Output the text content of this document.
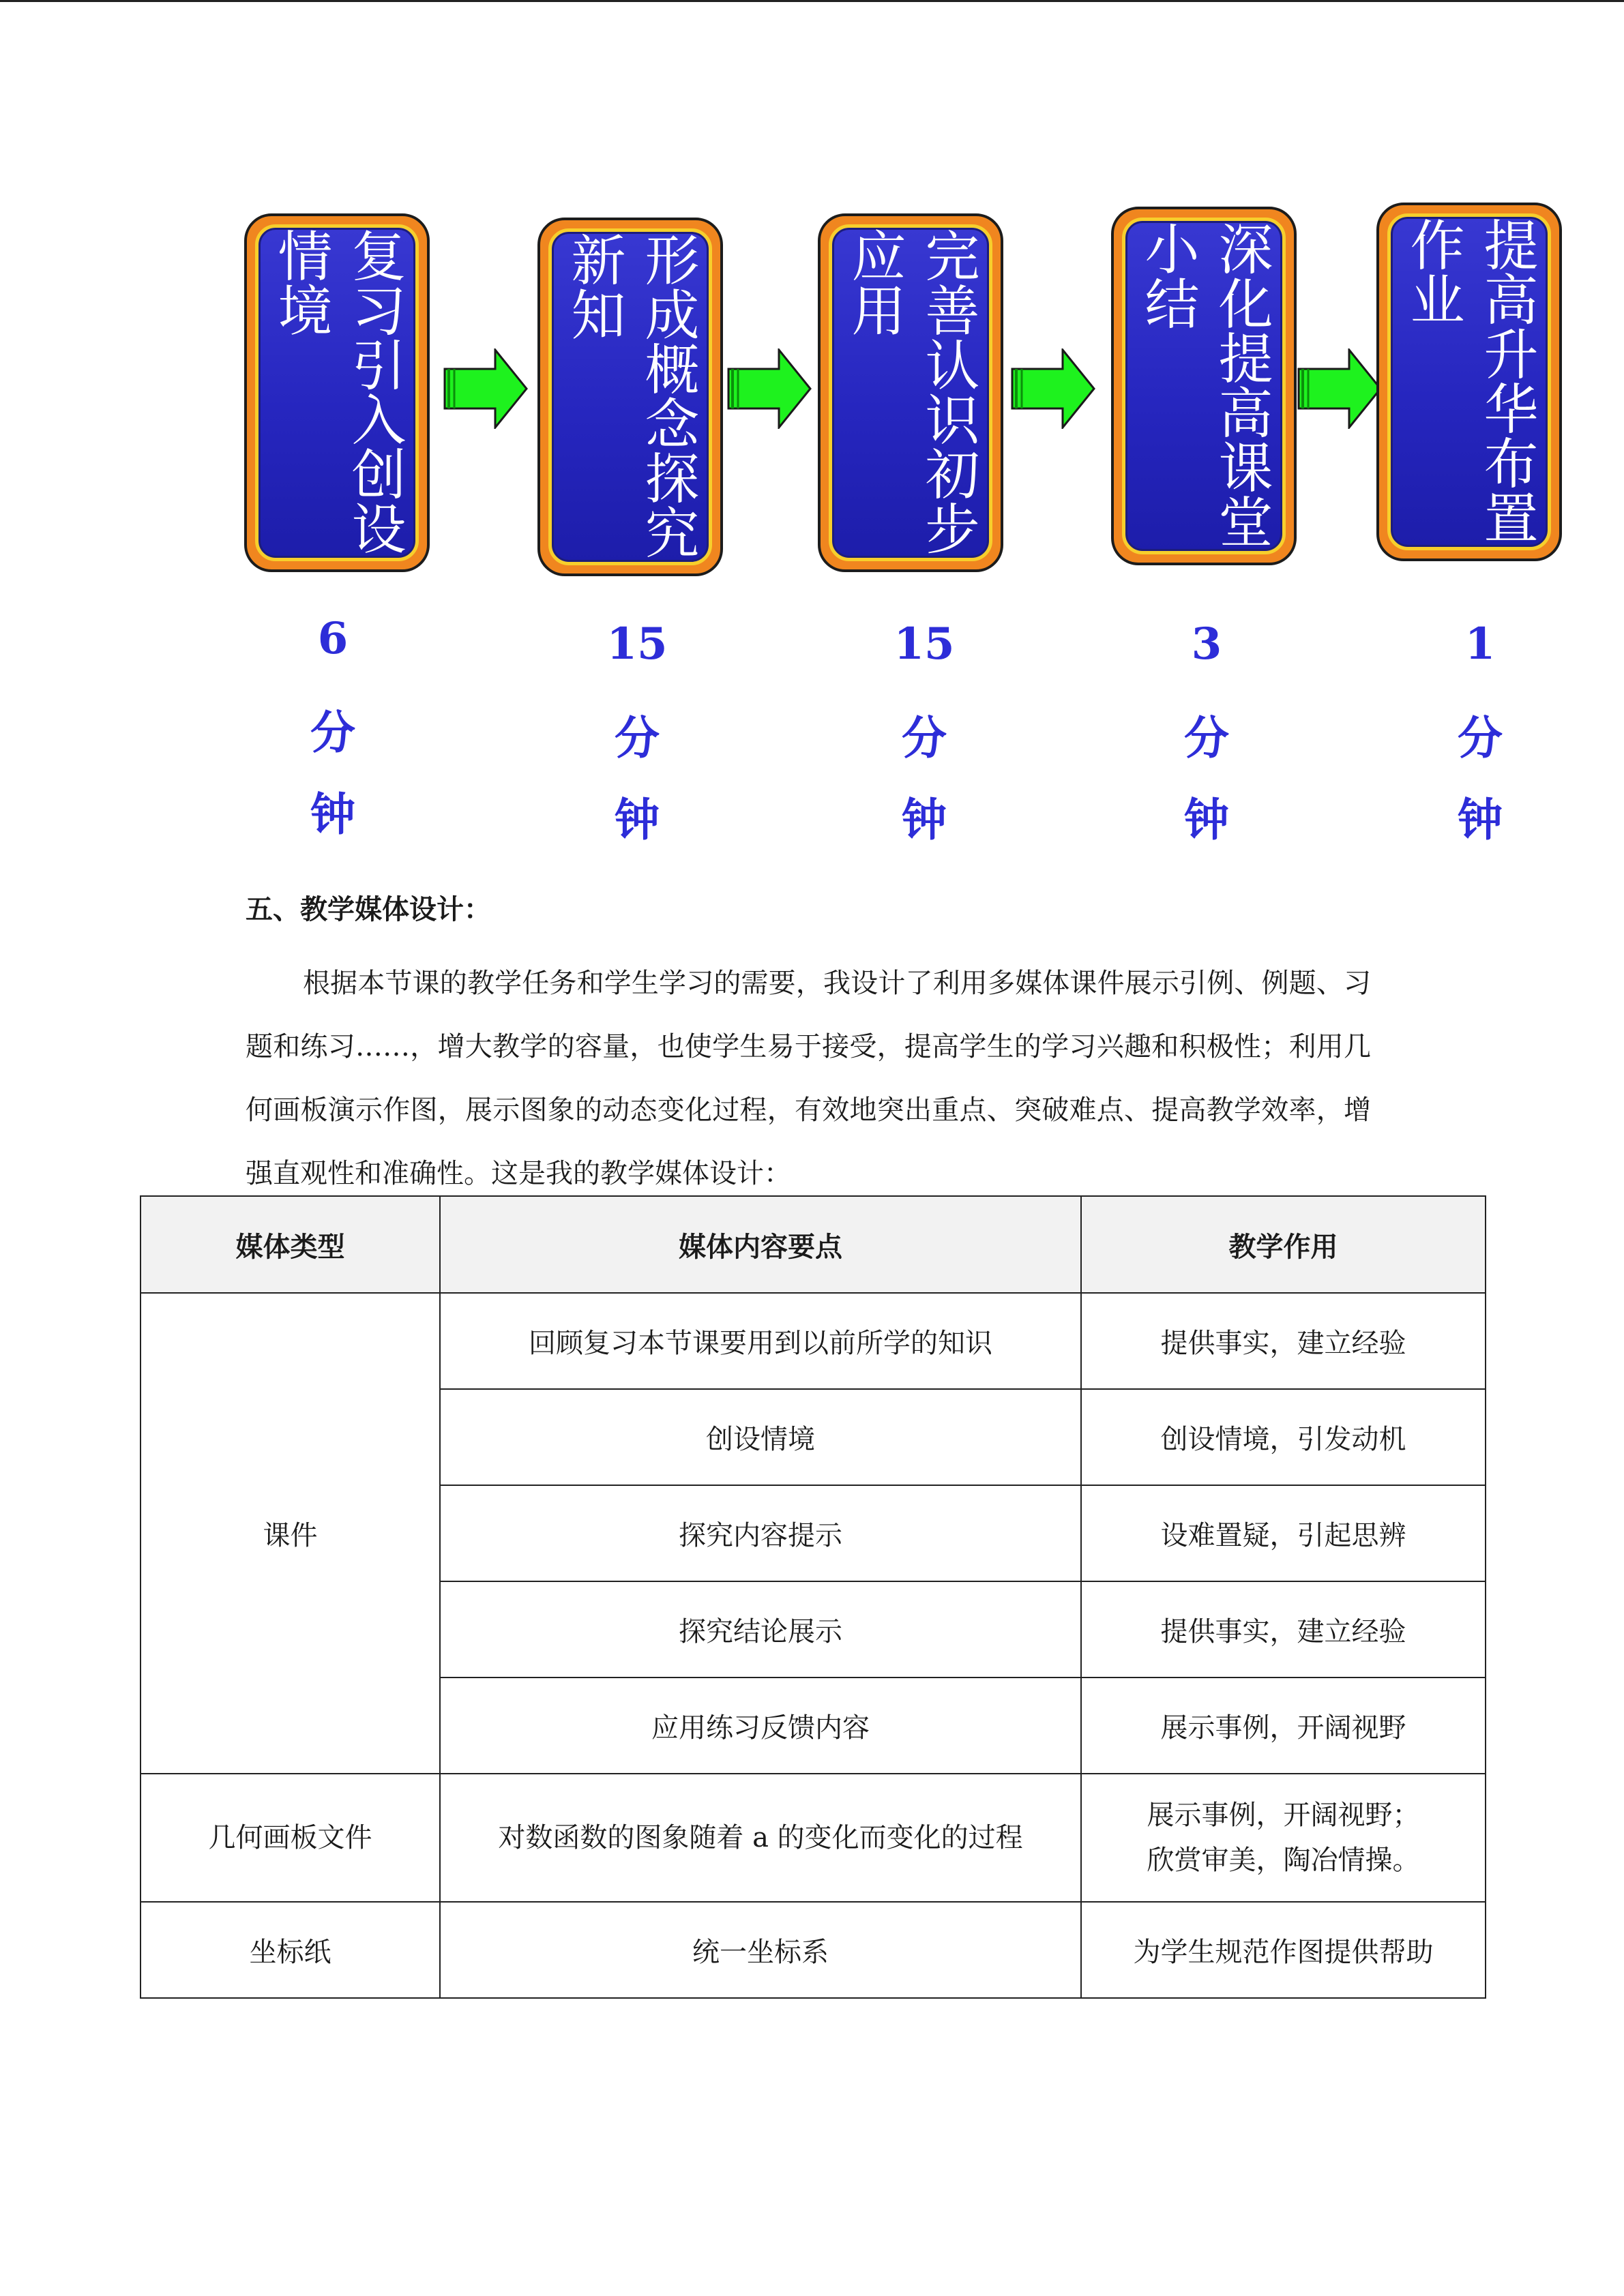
复习引入创设情境	形成概念探究新知	完善认识初步应用	深化提高课堂小结	提高升华布置作业
6
分
钟
15
分
钟
15
分
钟
3
分
钟
1
分
钟
五、教学媒体设计：

根据本节课的教学任务和学生学习的需要，我设计了利用多媒体课件展示引例、例题、习题和练习……，增大教学的容量，也使学生易于接受，提高学生的学习兴趣和积极性；利用几何画板演示作图，展示图象的动态变化过程，有效地突出重点、突破难点、提高教学效率，增强直观性和准确性。这是我的教学媒体设计：

媒体类型	媒体内容要点	教学作用
课件	回顾复习本节课要用到以前所学的知识	提供事实，建立经验
	创设情境	创设情境，引发动机
	探究内容提示	设难置疑，引起思辨
	探究结论展示	提供事实，建立经验
	应用练习反馈内容	展示事例，开阔视野
几何画板文件	对数函数的图象随着 a 的变化而变化的过程	展示事例，开阔视野；
欣赏审美，陶冶情操。

坐标纸	统一坐标系	为学生规范作图提供帮助
